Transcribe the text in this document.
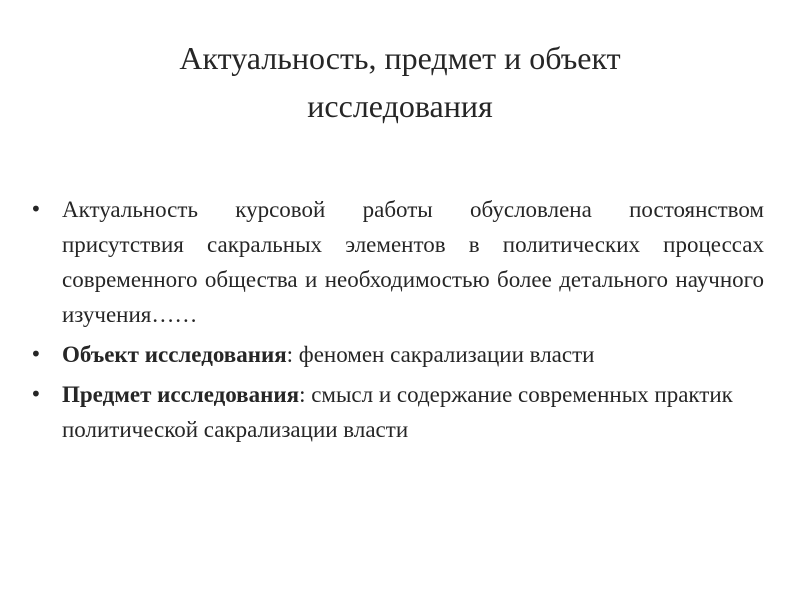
Актуальность, предмет и объект
исследования
• Актуальность курсовой работы обусловлена постоянством присутствия сакральных элементов в политических процессах современного общества и необходимостью более детального научного изучения……
• Объект исследования: феномен сакрализации власти
• Предмет исследования: смысл и содержание современных практик политической сакрализации власти
